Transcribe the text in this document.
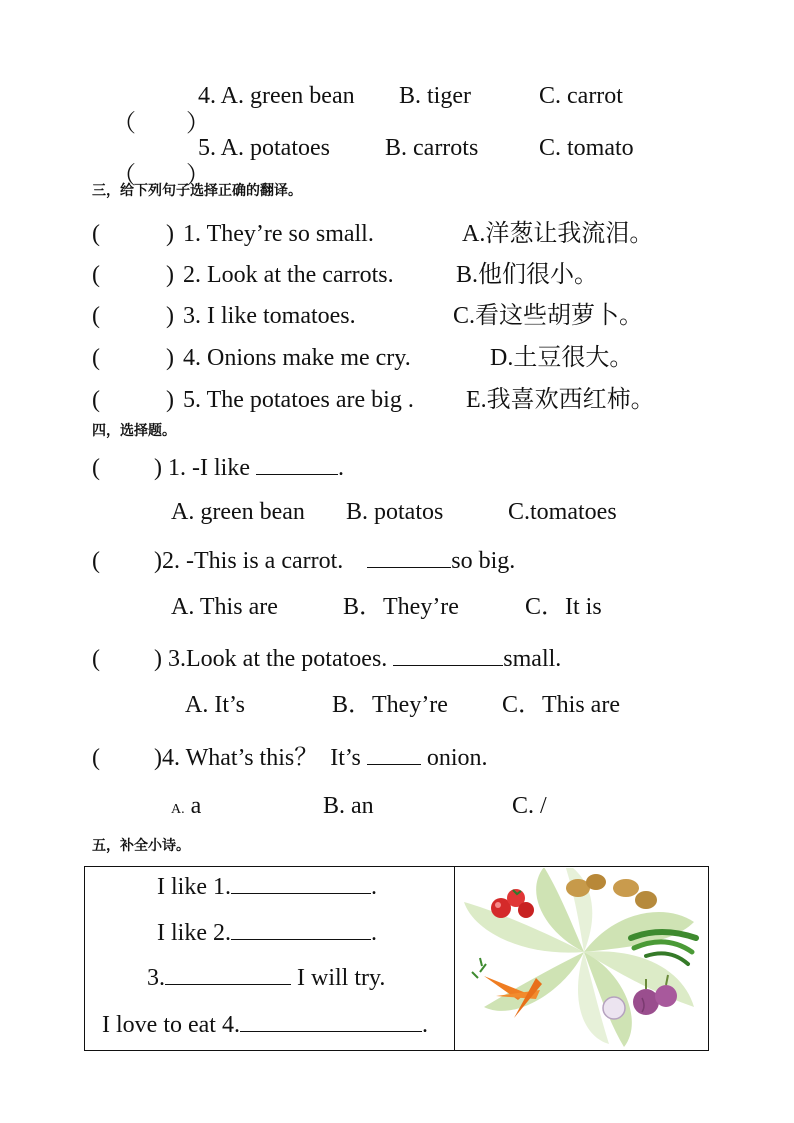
（ ）

4. A. green bean B. tiger	C. carrot

（ ）

5. A. potatoes B. carrots	C. tomato
三，给下列句子选择正确的翻译。
(	) 1. They’re so small.	A.洋葱让我流泪。
(	) 2. Look at the carrots.	B.他们很小。
(	) 3. I like tomatoes.	C.看这些胡萝卜。
(	) 4. Onions make me cry.	D.土豆很大。
(	) 5. The potatoes are big . E.我喜欢西红柿。
四，选择题。
( ) 1. -I like	.
A. green bean B. potatos	C.tomatoes
( )2. -This is a carrot.	so big.
A. This are	B．They’re	C．It is
( ) 3.Look at the potatoes.	small.
A. It’s	B．They’re C．This are
( )4. What’s this？  It’s	onion.
A. a	B. an	C. /
五，补全小诗。
I like 1.	.
I like 2.	.
3.	I will try.
I love to eat 4.	.
